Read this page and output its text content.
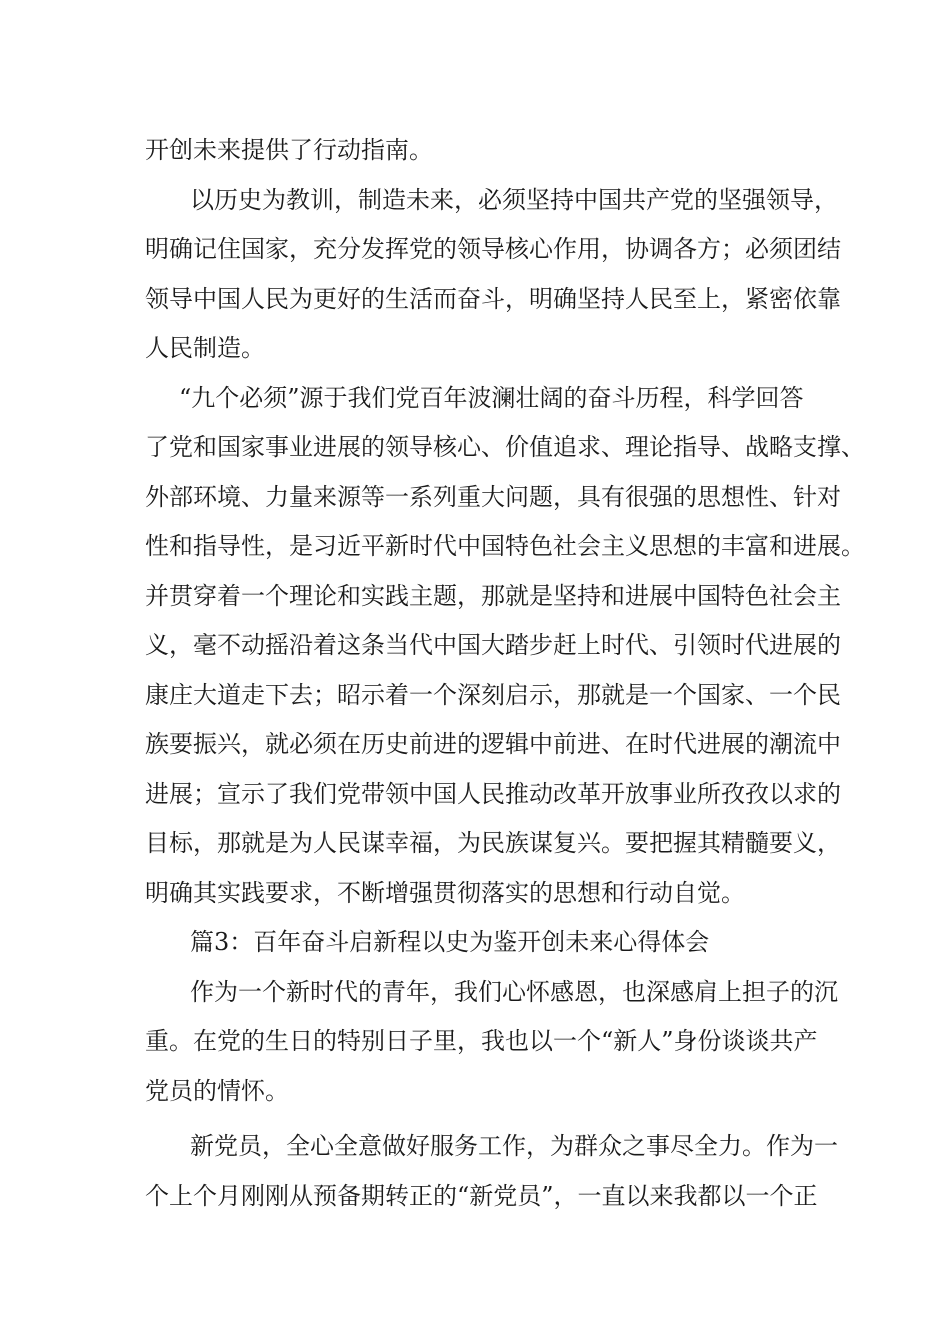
开创未来提供了行动指南。
以历史为教训，制造未来，必须坚持中国共产党的坚强领导，
明确记住国家，充分发挥党的领导核心作用，协调各方；必须团结
领导中国人民为更好的生活而奋斗，明确坚持人民至上，紧密依靠
人民制造。
“九个必须”源于我们党百年波澜壮阔的奋斗历程，科学回答
了党和国家事业进展的领导核心、价值追求、理论指导、战略支撑、
外部环境、力量来源等一系列重大问题，具有很强的思想性、针对
性和指导性，是习近平新时代中国特色社会主义思想的丰富和进展。
并贯穿着一个理论和实践主题，那就是坚持和进展中国特色社会主
义，毫不动摇沿着这条当代中国大踏步赶上时代、引领时代进展的
康庄大道走下去；昭示着一个深刻启示，那就是一个国家、一个民
族要振兴，就必须在历史前进的逻辑中前进、在时代进展的潮流中
进展；宣示了我们党带领中国人民推动改革开放事业所孜孜以求的
目标，那就是为人民谋幸福，为民族谋复兴。要把握其精髓要义，
明确其实践要求，不断增强贯彻落实的思想和行动自觉。
篇3：百年奋斗启新程以史为鉴开创未来心得体会
作为一个新时代的青年，我们心怀感恩，也深感肩上担子的沉
重。在党的生日的特别日子里，我也以一个“新人”身份谈谈共产
党员的情怀。
新党员，全心全意做好服务工作，为群众之事尽全力。作为一
个上个月刚刚从预备期转正的“新党员”，一直以来我都以一个正
